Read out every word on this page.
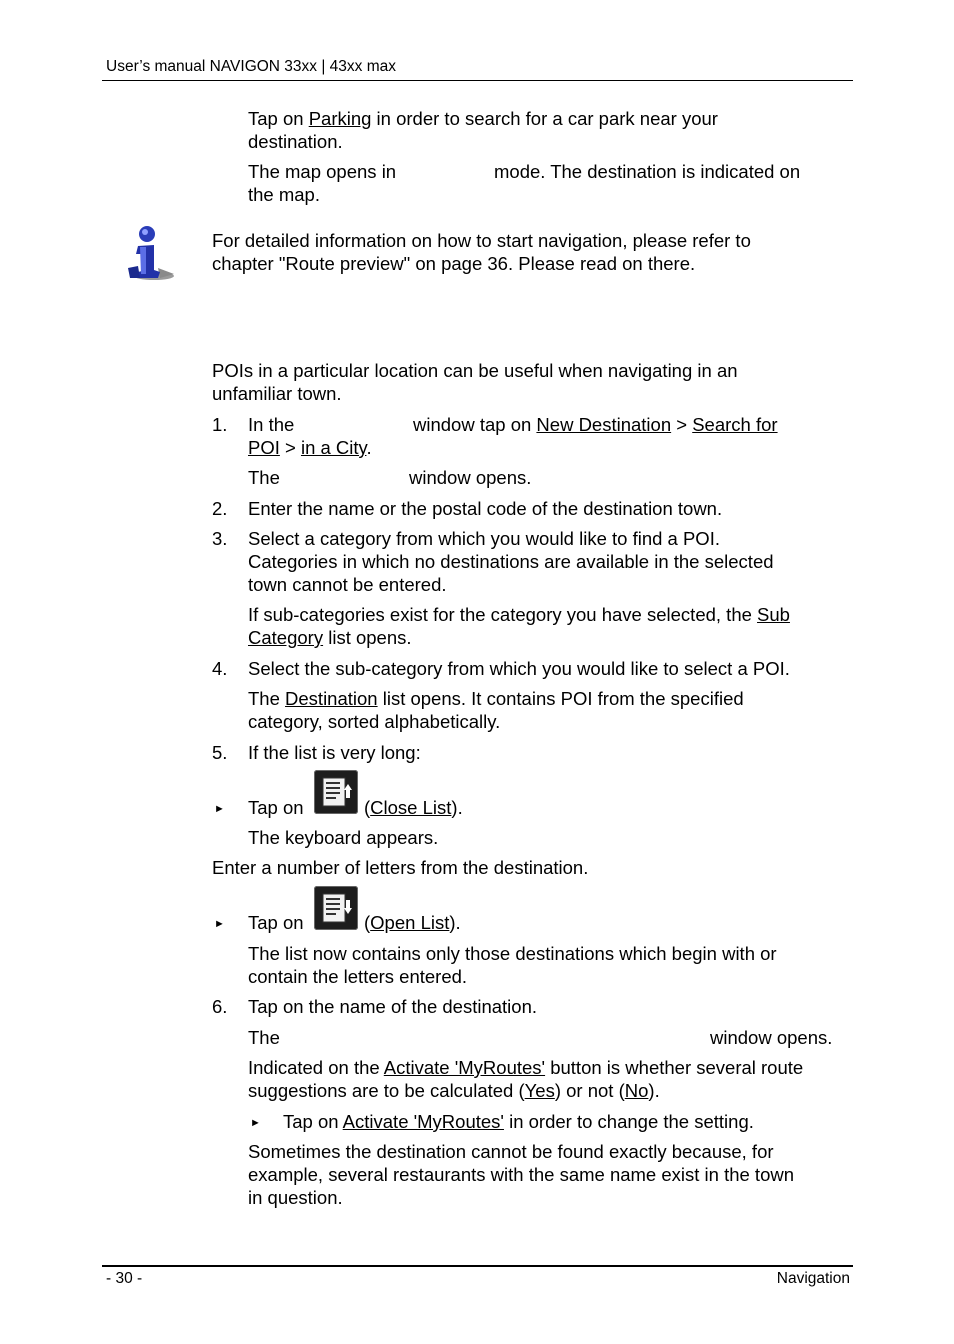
User’s manual NAVIGON 33xx | 43xx max
Tap on Parking in order to search for a car park near your
destination.
The map opens in	mode. The destination is indicated on
the map.
For detailed information on how to start navigation, please refer to
chapter "Route preview" on page 36. Please read on there.
POIs in a particular location can be useful when navigating in an
unfamiliar town.
1. In the	window tap on New Destination > Search for
POI > in a City.
The	window opens.
2. Enter the name or the postal code of the destination town.
3. Select a category from which you would like to find a POI.
Categories in which no destinations are available in the selected
town cannot be entered.
If sub-categories exist for the category you have selected, the Sub
Category list opens.
4. Select the sub-category from which you would like to select a POI.
The Destination list opens. It contains POI from the specified
category, sorted alphabetically.
5. If the list is very long:
► Tap on	(Close List).
The keyboard appears.
Enter a number of letters from the destination.
► Tap on	(Open List).
The list now contains only those destinations which begin with or
contain the letters entered.
6. Tap on the name of the destination.
The	window opens.
Indicated on the Activate 'MyRoutes' button is whether several route
suggestions are to be calculated (Yes) or not (No).
► Tap on Activate 'MyRoutes' in order to change the setting.
Sometimes the destination cannot be found exactly because, for
example, several restaurants with the same name exist in the town
in question.
- 30 -	Navigation
